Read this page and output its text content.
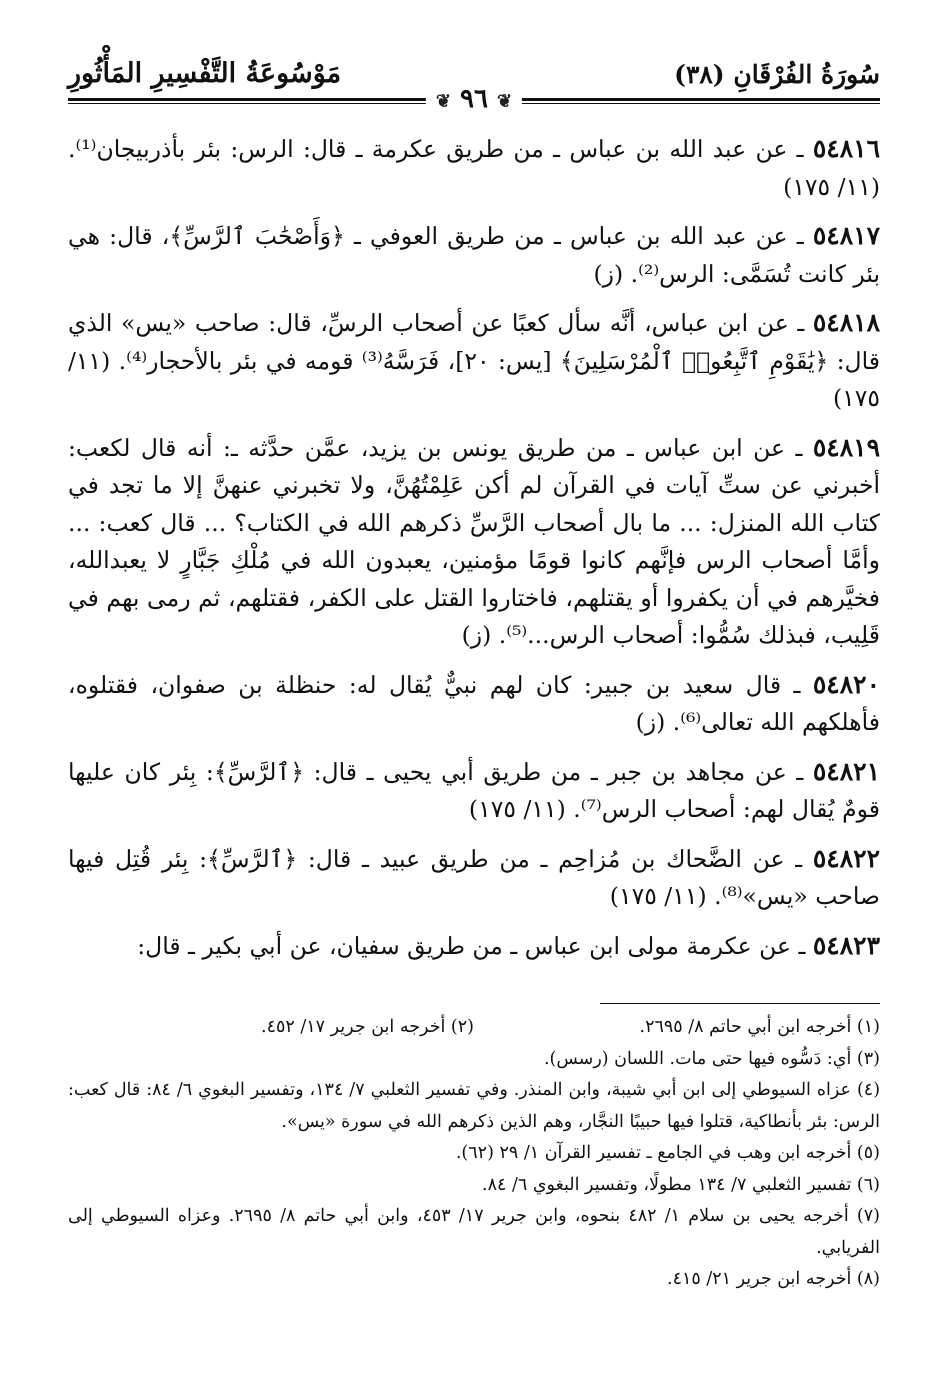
سُورَةُ الفُرْقَانِ (٣٨)
مَوْسُوعَةُ التَّفْسِيرِ المَأْثُورِ
❦ ٩٦ ❦

٥٤٨١٦ ـ عن عبد الله بن عباس ـ من طريق عكرمة ـ قال: الرس: بئر بأذربيجان⁽¹⁾. (١١/ ١٧٥)

٥٤٨١٧ ـ عن عبد الله بن عباس ـ من طريق العوفي ـ ﴿وَأَصْحَٰبَ ٱلرَّسِّ﴾، قال: هي بئر كانت تُسَمَّى: الرس⁽²⁾. (ز)

٥٤٨١٨ ـ عن ابن عباس، أنَّه سأل كعبًا عن أصحاب الرسِّ، قال: صاحب «يس» الذي قال: ﴿يَٰقَوْمِ ٱتَّبِعُوا۟ ٱلْمُرْسَلِينَ﴾ [يس: ٢٠]، فَرَسَّهُ⁽³⁾ قومه في بئر بالأحجار⁽⁴⁾. (١١/ ١٧٥)

٥٤٨١٩ ـ عن ابن عباس ـ من طريق يونس بن يزيد، عمَّن حدَّثه ـ: أنه قال لكعب: أخبرني عن ستِّ آيات في القرآن لم أكن عَلِمْتُهُنَّ، ولا تخبرني عنهنَّ إلا ما تجد في كتاب الله المنزل: ... ما بال أصحاب الرَّسِّ ذكرهم الله في الكتاب؟ ... قال كعب: ... وأمَّا أصحاب الرس فإنَّهم كانوا قومًا مؤمنين، يعبدون الله في مُلْكِ جَبَّارٍ لا يعبدالله، فخيَّرهم في أن يكفروا أو يقتلهم، فاختاروا القتل على الكفر، فقتلهم، ثم رمى بهم في قَلِيب، فبذلك سُمُّوا: أصحاب الرس...⁽⁵⁾. (ز)

٥٤٨٢٠ ـ قال سعيد بن جبير: كان لهم نبيٌّ يُقال له: حنظلة بن صفوان، فقتلوه، فأهلكهم الله تعالى⁽⁶⁾. (ز)

٥٤٨٢١ ـ عن مجاهد بن جبر ـ من طريق أبي يحيى ـ قال: ﴿ٱلرَّسِّ﴾: بِئر كان عليها قومٌ يُقال لهم: أصحاب الرس⁽⁷⁾. (١١/ ١٧٥)

٥٤٨٢٢ ـ عن الضَّحاك بن مُزاحِم ـ من طريق عبيد ـ قال: ﴿ٱلرَّسِّ﴾: بِئر قُتِل فيها صاحب «يس»⁽⁸⁾. (١١/ ١٧٥)

٥٤٨٢٣ ـ عن عكرمة مولى ابن عباس ـ من طريق سفيان، عن أبي بكير ـ قال:

(١) أخرجه ابن أبي حاتم ٨/ ٢٦٩٥.
(٢) أخرجه ابن جرير ١٧/ ٤٥٢.
(٣) أي: دَسُّوه فيها حتى مات. اللسان (رسس).
(٤) عزاه السيوطي إلى ابن أبي شيبة، وابن المنذر. وفي تفسير الثعلبي ٧/ ١٣٤، وتفسير البغوي ٦/ ٨٤: قال كعب: الرس: بئر بأنطاكية، قتلوا فيها حبيبًا النجَّار، وهم الذين ذكرهم الله في سورة «يس».
(٥) أخرجه ابن وهب في الجامع ـ تفسير القرآن ١/ ٢٩ (٦٢).
(٦) تفسير الثعلبي ٧/ ١٣٤ مطولًا، وتفسير البغوي ٦/ ٨٤.
(٧) أخرجه يحيى بن سلام ١/ ٤٨٢ بنحوه، وابن جرير ١٧/ ٤٥٣، وابن أبي حاتم ٨/ ٢٦٩٥. وعزاه السيوطي إلى الفريابي.
(٨) أخرجه ابن جرير ٢١/ ٤١٥.
